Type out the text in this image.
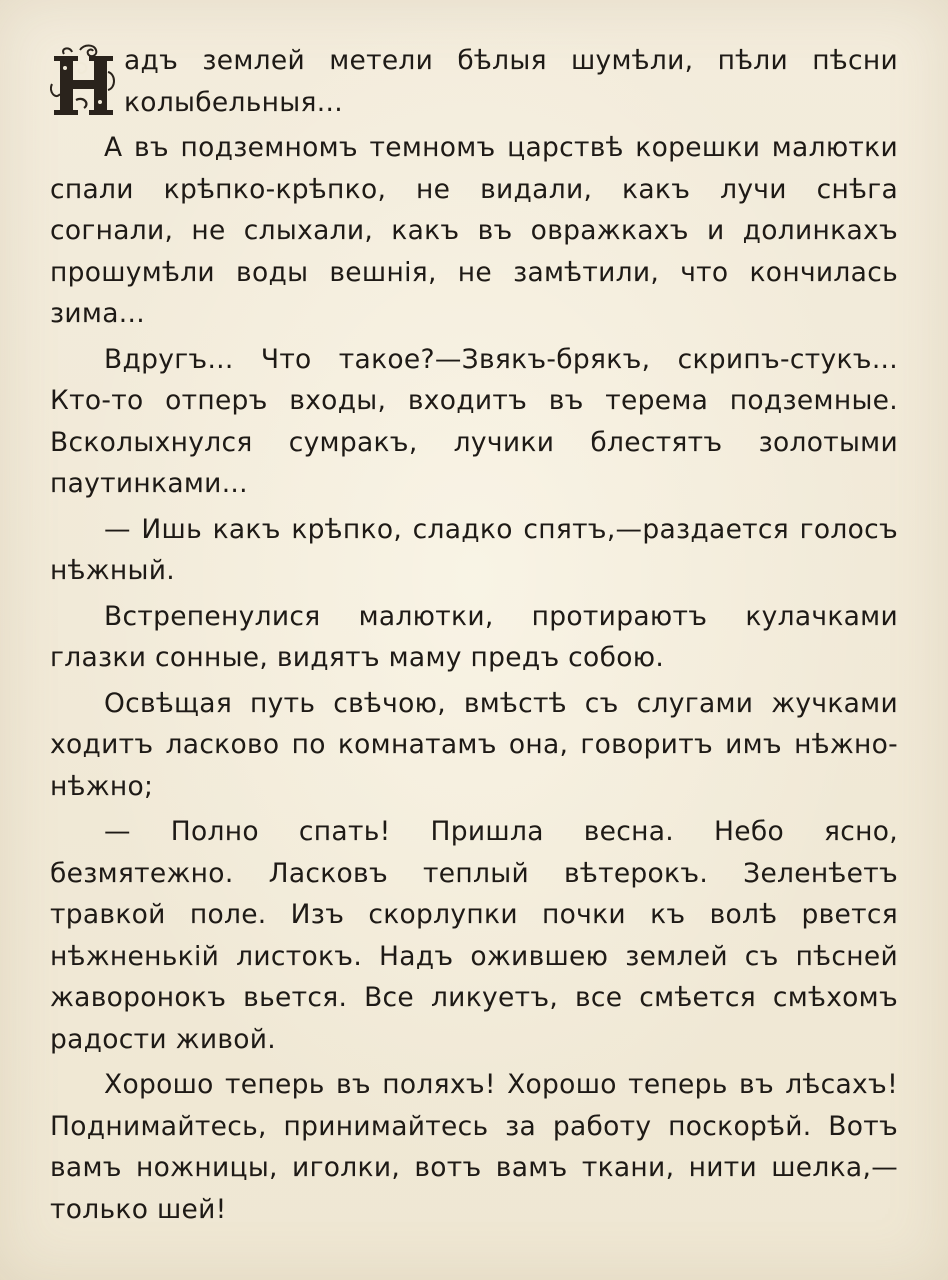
адъ землей метели бѣлыя шумѣли, пѣли пѣсни колыбельныя...

А въ подземномъ темномъ царствѣ корешки малютки спали крѣпко-крѣпко, не видали, какъ лучи снѣга согнали, не слыхали, какъ въ овражкахъ и долинкахъ прошумѣли воды вешнія, не замѣтили, что кончилась зима...

Вдругъ... Что такое?—Звякъ-брякъ, скрипъ-стукъ... Кто-то отперъ входы, входитъ въ терема подземные. Всколыхнулся сумракъ, лучики блестятъ золотыми паутинками...

— Ишь какъ крѣпко, сладко спятъ,—раздается голосъ нѣжный.

Встрепенулися малютки, протираютъ кулачками глазки сонные, видятъ маму предъ собою.

Освѣщая путь свѣчою, вмѣстѣ съ слугами жучками ходитъ ласково по комнатамъ она, говоритъ имъ нѣжно-нѣжно;

— Полно спать! Пришла весна. Небо ясно, безмятежно. Ласковъ теплый вѣтерокъ. Зеленѣетъ травкой поле. Изъ скорлупки почки къ волѣ рвется нѣжненькій листокъ. Надъ ожившею землей съ пѣсней жаворонокъ вьется. Все ликуетъ, все смѣется смѣхомъ радости живой.

Хорошо теперь въ поляхъ! Хорошо теперь въ лѣсахъ! Поднимайтесь, принимайтесь за работу поскорѣй. Вотъ вамъ ножницы, иголки, вотъ вамъ ткани, нити шелка,—только шей!
